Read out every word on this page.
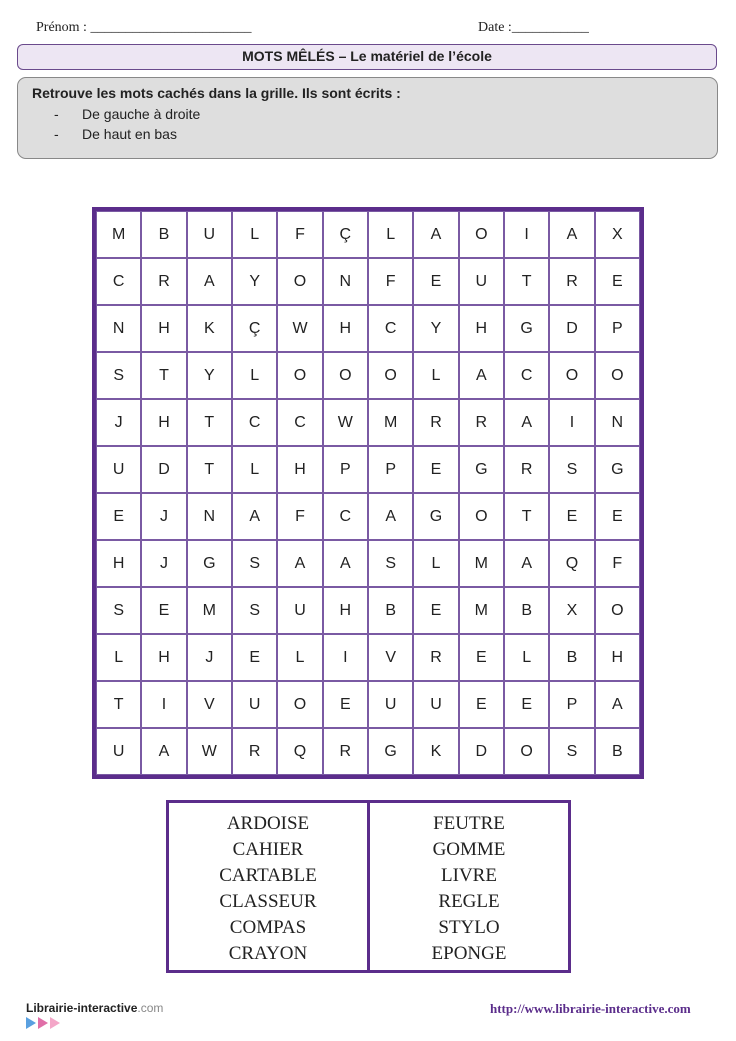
Prénom : _______________________	Date :___________
MOTS MÊLÉS – Le matériel de l’école
Retrouve les mots cachés dans la grille. Ils sont écrits :
- De gauche à droite
- De haut en bas
M	B	U	L	F	Ç	L	A	O	I	A	X
C	R	A	Y	O	N	F	E	U	T	R	E
N	H	K	Ç	W	H	C	Y	H	G	D	P
S	T	Y	L	O	O	O	L	A	C	O	O
J	H	T	C	C	W	M	R	R	A	I	N
U	D	T	L	H	P	P	E	G	R	S	G
E	J	N	A	F	C	A	G	O	T	E	E
H	J	G	S	A	A	S	L	M	A	Q	F
S	E	M	S	U	H	B	E	M	B	X	O
L	H	J	E	L	I	V	R	E	L	B	H
T	I	V	U	O	E	U	U	E	E	P	A
U	A	W	R	Q	R	G	K	D	O	S	B
ARDOISE
CAHIER
CARTABLE
CLASSEUR
COMPAS
CRAYON
FEUTRE
GOMME
LIVRE
REGLE
STYLO
EPONGE
Librairie-interactive.com	http://www.librairie-interactive.com
